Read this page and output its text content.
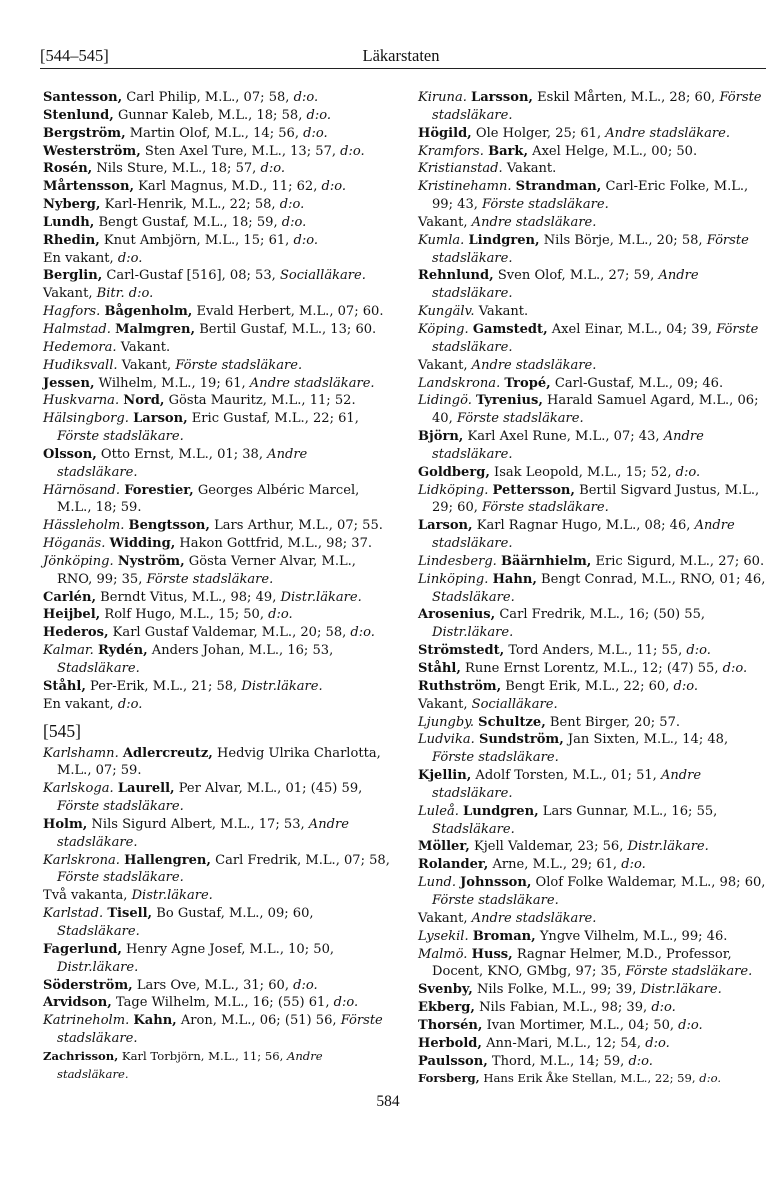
[544–545]	Läkarstaten
Santesson, Carl Philip, M.L., 07; 58, d:o.
Stenlund, Gunnar Kaleb, M.L., 18; 58, d:o.
Bergström, Martin Olof, M.L., 14; 56, d:o.
Westerström, Sten Axel Ture, M.L., 13; 57, d:o.
Rosén, Nils Sture, M.L., 18; 57, d:o.
Mårtensson, Karl Magnus, M.D., 11; 62, d:o.
Nyberg, Karl-Henrik, M.L., 22; 58, d:o.
Lundh, Bengt Gustaf, M.L., 18; 59, d:o.
Rhedin, Knut Ambjörn, M.L., 15; 61, d:o.
En vakant, d:o.
Berglin, Carl-Gustaf [516], 08; 53, Socialläkare.
Vakant, Bitr. d:o.
Hagfors. Bågenholm, Evald Herbert, M.L., 07; 60.
Halmstad. Malmgren, Bertil Gustaf, M.L., 13; 60.
Hedemora. Vakant.
Hudiksvall. Vakant, Förste stadsläkare.
Jessen, Wilhelm, M.L., 19; 61, Andre stadsläkare.
Huskvarna. Nord, Gösta Mauritz, M.L., 11; 52.
Hälsingborg. Larson, Eric Gustaf, M.L., 22; 61, Förste stadsläkare.
Olsson, Otto Ernst, M.L., 01; 38, Andre stadsläkare.
Härnösand. Forestier, Georges Albéric Marcel, M.L., 18; 59.
Hässleholm. Bengtsson, Lars Arthur, M.L., 07; 55.
Höganäs. Widding, Hakon Gottfrid, M.L., 98; 37.
Jönköping. Nyström, Gösta Verner Alvar, M.L., RNO, 99; 35, Förste stadsläkare.
Carlén, Berndt Vitus, M.L., 98; 49, Distr.läkare.
Heijbel, Rolf Hugo, M.L., 15; 50, d:o.
Hederos, Karl Gustaf Valdemar, M.L., 20; 58, d:o.
Kalmar. Rydén, Anders Johan, M.L., 16; 53, Stadsläkare.
Ståhl, Per-Erik, M.L., 21; 58, Distr.läkare.
En vakant, d:o.
[545]
Karlshamn. Adlercreutz, Hedvig Ulrika Charlotta, M.L., 07; 59.
Karlskoga. Laurell, Per Alvar, M.L., 01; (45) 59, Förste stadsläkare.
Holm, Nils Sigurd Albert, M.L., 17; 53, Andre stadsläkare.
Karlskrona. Hallengren, Carl Fredrik, M.L., 07; 58, Förste stadsläkare.
Två vakanta, Distr.läkare.
Karlstad. Tisell, Bo Gustaf, M.L., 09; 60, Stadsläkare.
Fagerlund, Henry Agne Josef, M.L., 10; 50, Distr.läkare.
Söderström, Lars Ove, M.L., 31; 60, d:o.
Arvidson, Tage Wilhelm, M.L., 16; (55) 61, d:o.
Katrineholm. Kahn, Aron, M.L., 06; (51) 56, Förste stadsläkare.
Zachrisson, Karl Torbjörn, M.L., 11; 56, Andre stadsläkare.
Kiruna. Larsson, Eskil Mårten, M.L., 28; 60, Förste stadsläkare.
Högild, Ole Holger, 25; 61, Andre stadsläkare.
Kramfors. Bark, Axel Helge, M.L., 00; 50.
Kristianstad. Vakant.
Kristinehamn. Strandman, Carl-Eric Folke, M.L., 99; 43, Förste stadsläkare.
Vakant, Andre stadsläkare.
Kumla. Lindgren, Nils Börje, M.L., 20; 58, Förste stadsläkare.
Rehnlund, Sven Olof, M.L., 27; 59, Andre stadsläkare.
Kungälv. Vakant.
Köping. Gamstedt, Axel Einar, M.L., 04; 39, Förste stadsläkare.
Vakant, Andre stadsläkare.
Landskrona. Tropé, Carl-Gustaf, M.L., 09; 46.
Lidingö. Tyrenius, Harald Samuel Agard, M.L., 06; 40, Förste stadsläkare.
Björn, Karl Axel Rune, M.L., 07; 43, Andre stadsläkare.
Goldberg, Isak Leopold, M.L., 15; 52, d:o.
Lidköping. Pettersson, Bertil Sigvard Justus, M.L., 29; 60, Förste stadsläkare.
Larson, Karl Ragnar Hugo, M.L., 08; 46, Andre stadsläkare.
Lindesberg. Bäärnhielm, Eric Sigurd, M.L., 27; 60.
Linköping. Hahn, Bengt Conrad, M.L., RNO, 01; 46, Stadsläkare.
Arosenius, Carl Fredrik, M.L., 16; (50) 55, Distr.läkare.
Strömstedt, Tord Anders, M.L., 11; 55, d:o.
Ståhl, Rune Ernst Lorentz, M.L., 12; (47) 55, d:o.
Ruthström, Bengt Erik, M.L., 22; 60, d:o.
Vakant, Socialläkare.
Ljungby. Schultze, Bent Birger, 20; 57.
Ludvika. Sundström, Jan Sixten, M.L., 14; 48, Förste stadsläkare.
Kjellin, Adolf Torsten, M.L., 01; 51, Andre stadsläkare.
Luleå. Lundgren, Lars Gunnar, M.L., 16; 55, Stadsläkare.
Möller, Kjell Valdemar, 23; 56, Distr.läkare.
Rolander, Arne, M.L., 29; 61, d:o.
Lund. Johnsson, Olof Folke Waldemar, M.L., 98; 60, Förste stadsläkare.
Vakant, Andre stadsläkare.
Lysekil. Broman, Yngve Vilhelm, M.L., 99; 46.
Malmö. Huss, Ragnar Helmer, M.D., Professor, Docent, KNO, GMbg, 97; 35, Förste stadsläkare.
Svenby, Nils Folke, M.L., 99; 39, Distr.läkare.
Ekberg, Nils Fabian, M.L., 98; 39, d:o.
Thorsén, Ivan Mortimer, M.L., 04; 50, d:o.
Herbold, Ann-Mari, M.L., 12; 54, d:o.
Paulsson, Thord, M.L., 14; 59, d:o.
Forsberg, Hans Erik Åke Stellan, M.L., 22; 59, d:o.
584
